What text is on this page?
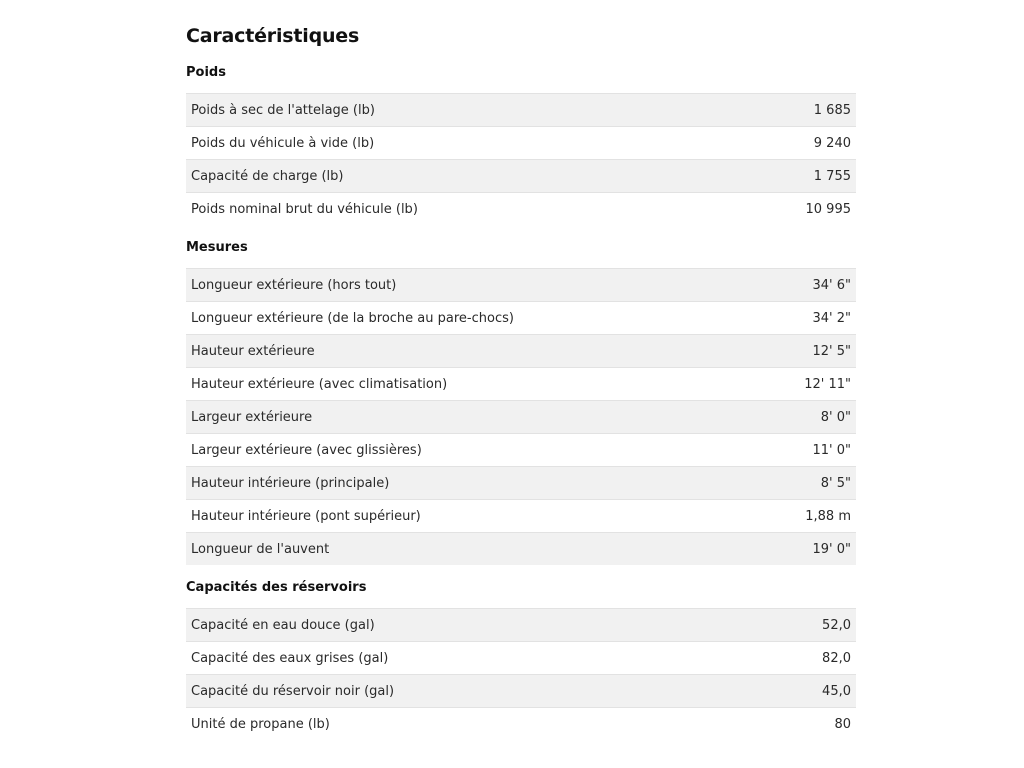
Caractéristiques
Poids
Poids à sec de l'attelage (lb)	1 685
Poids du véhicule à vide (lb)	9 240
Capacité de charge (lb)	1 755
Poids nominal brut du véhicule (lb)	10 995
Mesures
Longueur extérieure (hors tout)	34' 6"
Longueur extérieure (de la broche au pare-chocs)	34' 2"
Hauteur extérieure	12' 5"
Hauteur extérieure (avec climatisation)	12' 11"
Largeur extérieure	8' 0"
Largeur extérieure (avec glissières)	11' 0"
Hauteur intérieure (principale)	8' 5"
Hauteur intérieure (pont supérieur)	1,88 m
Longueur de l'auvent	19' 0"
Capacités des réservoirs
Capacité en eau douce (gal)	52,0
Capacité des eaux grises (gal)	82,0
Capacité du réservoir noir (gal)	45,0
Unité de propane (lb)	80
